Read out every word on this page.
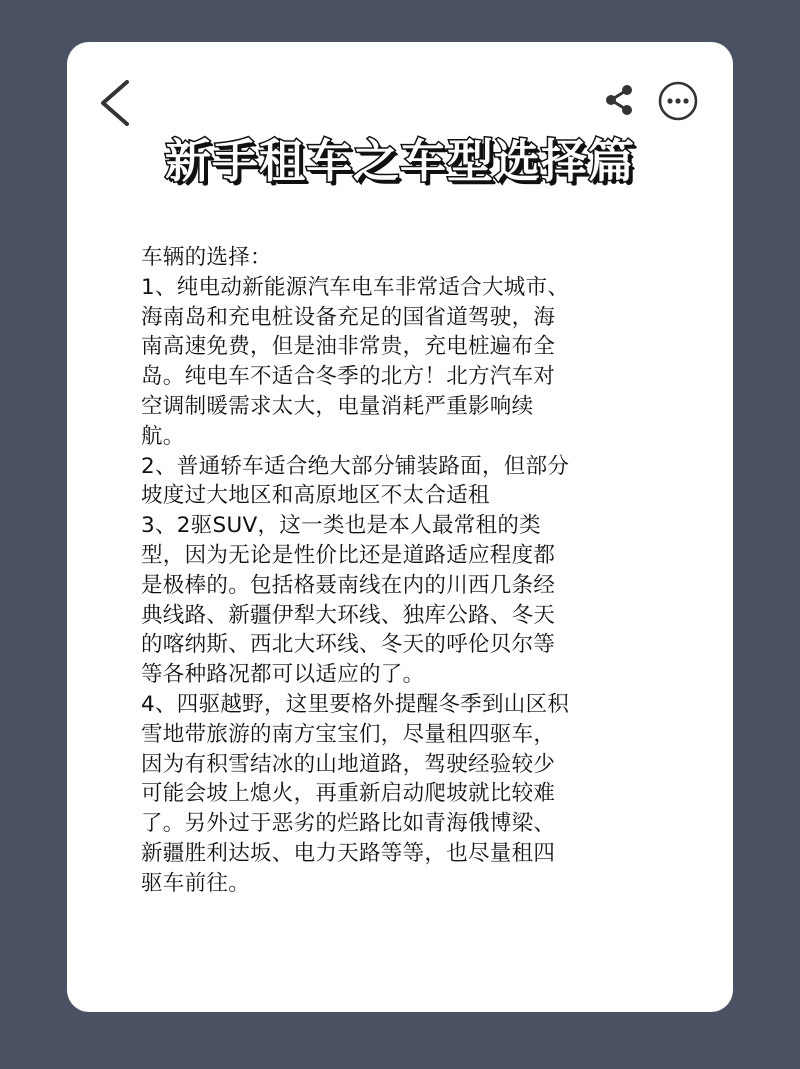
新手租车之车型选择篇
车辆的选择：
1、纯电动新能源汽车电车非常适合大城市、
海南岛和充电桩设备充足的国省道驾驶，海
南高速免费，但是油非常贵，充电桩遍布全
岛。纯电车不适合冬季的北方！北方汽车对
空调制暖需求太大，电量消耗严重影响续
航。
2、普通轿车适合绝大部分铺装路面，但部分
坡度过大地区和高原地区不太合适租
3、2驱SUV，这一类也是本人最常租的类
型，因为无论是性价比还是道路适应程度都
是极棒的。包括格聂南线在内的川西几条经
典线路、新疆伊犁大环线、独库公路、冬天
的喀纳斯、西北大环线、冬天的呼伦贝尔等
等各种路况都可以适应的了。
4、四驱越野，这里要格外提醒冬季到山区积
雪地带旅游的南方宝宝们，尽量租四驱车，
因为有积雪结冰的山地道路，驾驶经验较少
可能会坡上熄火，再重新启动爬坡就比较难
了。另外过于恶劣的烂路比如青海俄博梁、
新疆胜利达坂、电力天路等等，也尽量租四
驱车前往。
